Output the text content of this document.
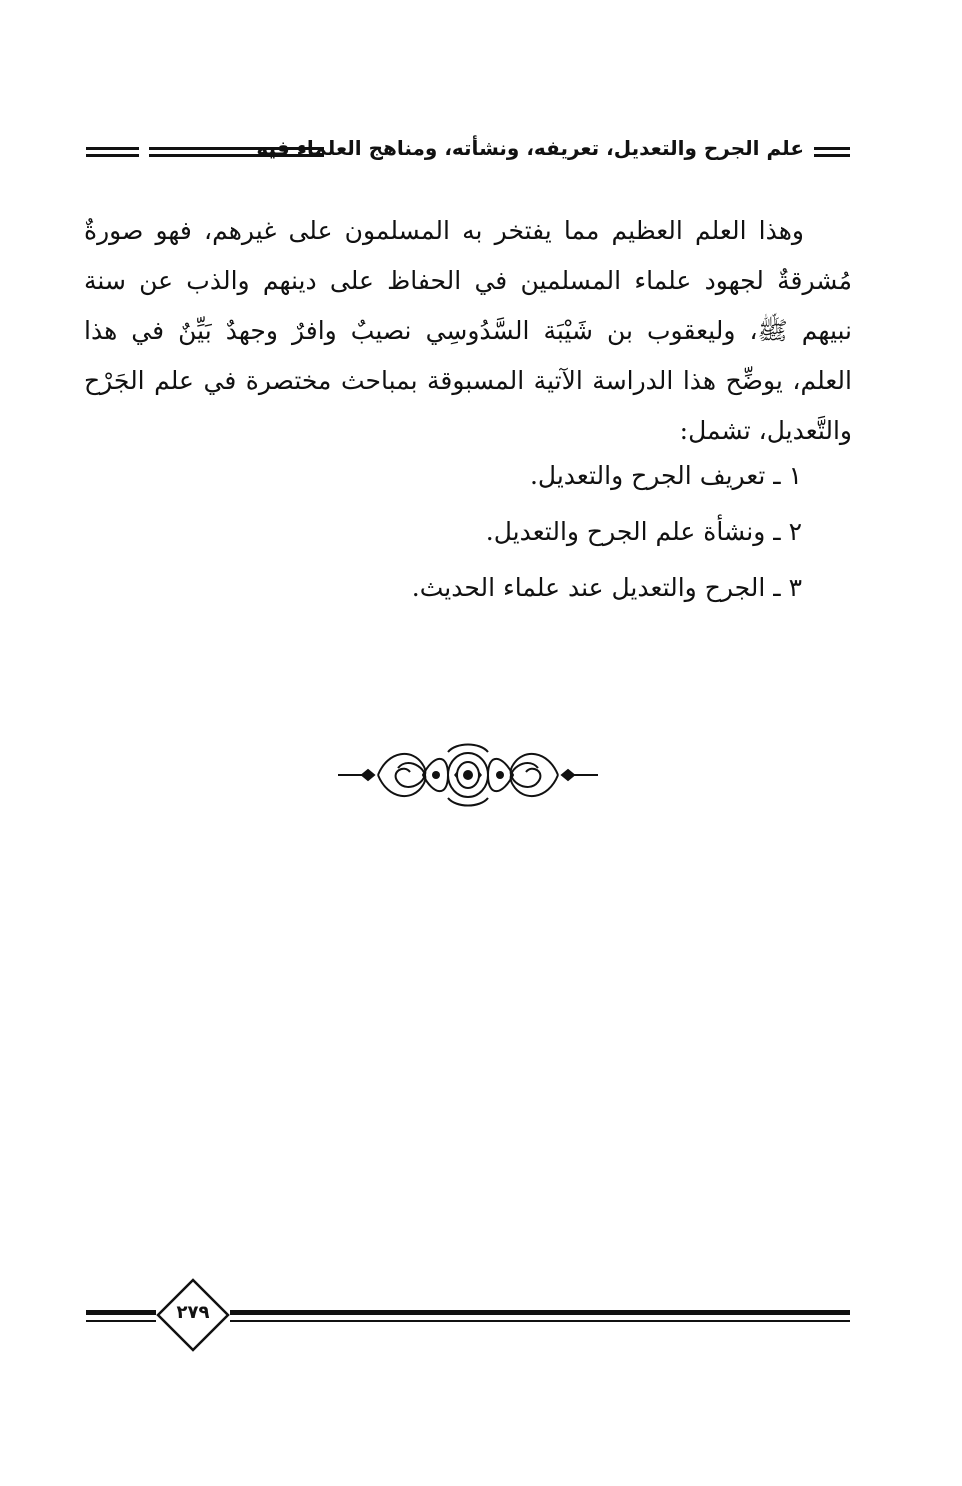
علم الجرح والتعديل، تعريفه، ونشأته، ومناهج العلماء فيه

وهذا العلم العظيم مما يفتخر به المسلمون على غيرهم، فهو صورةٌ مُشرقةٌ لجهود علماء المسلمين في الحفاظ على دينهم والذب عن سنة نبيهم ﷺ، وليعقوب بن شَيْبَة السَّدُوسِي نصيبٌ وافرٌ وجهدٌ بَيِّنٌ في هذا العلم، يوضِّح هذا الدراسة الآتية المسبوقة بمباحث مختصرة في علم الجَرْح والتَّعديل، تشمل:

١ ـ تعريف الجرح والتعديل.
٢ ـ ونشأة علم الجرح والتعديل.
٣ ـ الجرح والتعديل عند علماء الحديث.
٢٧٩
